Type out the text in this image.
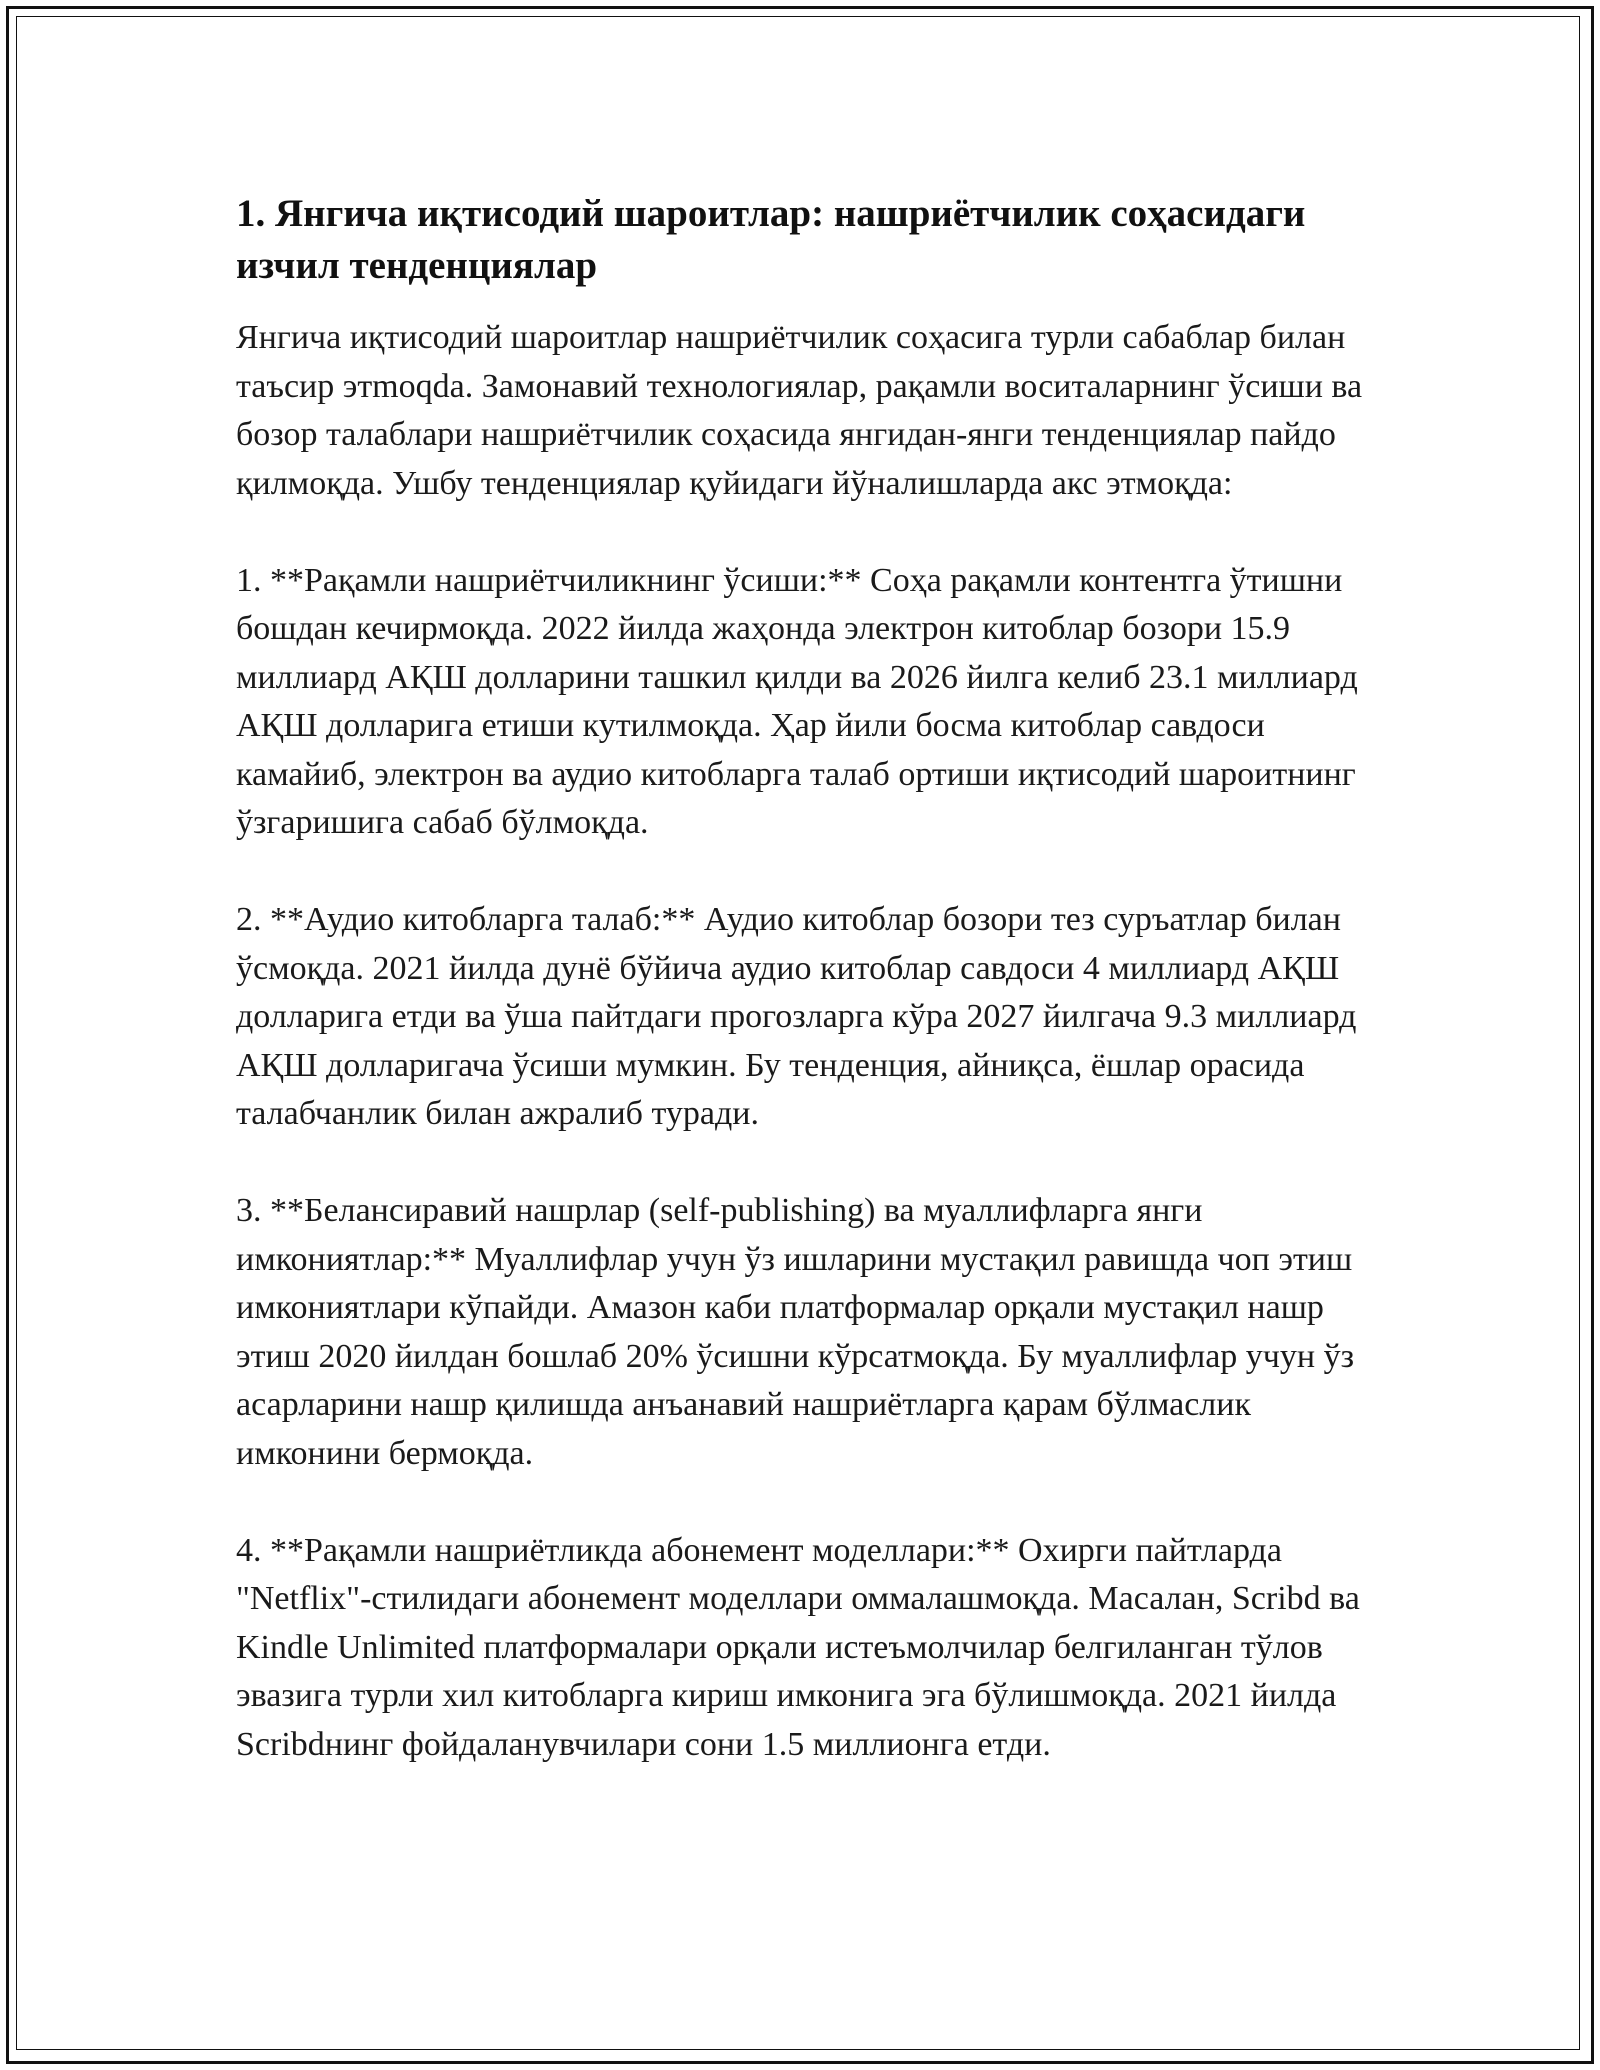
1. Янгича иқтисодий шароитлар: нашриётчилик соҳасидаги изчил тенденциялар

Янгича иқтисодий шароитлар нашриётчилик соҳасига турли сабаблар билан таъсир этmoqda. Замонавий технологиялар, рақамли воситаларнинг ўсиши ва бозор талаблари нашриётчилик соҳасида янгидан-янги тенденциялар пайдо қилмоқда. Ушбу тенденциялар қуйидаги йўналишларда акс этмоқда:

1. **Рақамли нашриётчиликнинг ўсиши:** Соҳа рақамли контентга ўтишни бошдан кечирмоқда. 2022 йилда жаҳонда электрон китоблар бозори 15.9 миллиард АҚШ долларини ташкил қилди ва 2026 йилга келиб 23.1 миллиард АҚШ долларига етиши кутилмоқда. Ҳар йили босма китоблар савдоси камайиб, электрон ва аудио китобларга талаб ортиши иқтисодий шароитнинг ўзгаришига сабаб бўлмоқда.

2. **Аудио китобларга талаб:** Аудио китоблар бозори тез суръатлар билан ўсмоқда. 2021 йилда дунё бўйича аудио китоблар савдоси 4 миллиард АҚШ долларига етди ва ўша пайтдаги прогозларга кўра 2027 йилгача 9.3 миллиард АҚШ долларигача ўсиши мумкин. Бу тенденция, айниқса, ёшлар орасида талабчанлик билан ажралиб туради.

3. **Белансиравий нашрлар (self-publishing) ва муаллифларга янги имкониятлар:** Муаллифлар учун ўз ишларини мустақил равишда чоп этиш имкониятлари кўпайди. Амазон каби платформалар орқали мустақил нашр этиш 2020 йилдан бошлаб 20% ўсишни кўрсатмоқда. Бу муаллифлар учун ўз асарларини нашр қилишда анъанавий нашриётларга қарам бўлмаслик имконини бермоқда.

4. **Рақамли нашриётликда абонемент моделлари:** Охирги пайтларда "Netflix"-стилидаги абонемент моделлари оммалашмоқда. Масалан, Scribd ва Kindle Unlimited платформалари орқали истеъмолчилар белгиланган тўлов эвазига турли хил китобларга кириш имконига эга бўлишмоқда. 2021 йилда Scribdнинг фойдаланувчилари сони 1.5 миллионга етди.
